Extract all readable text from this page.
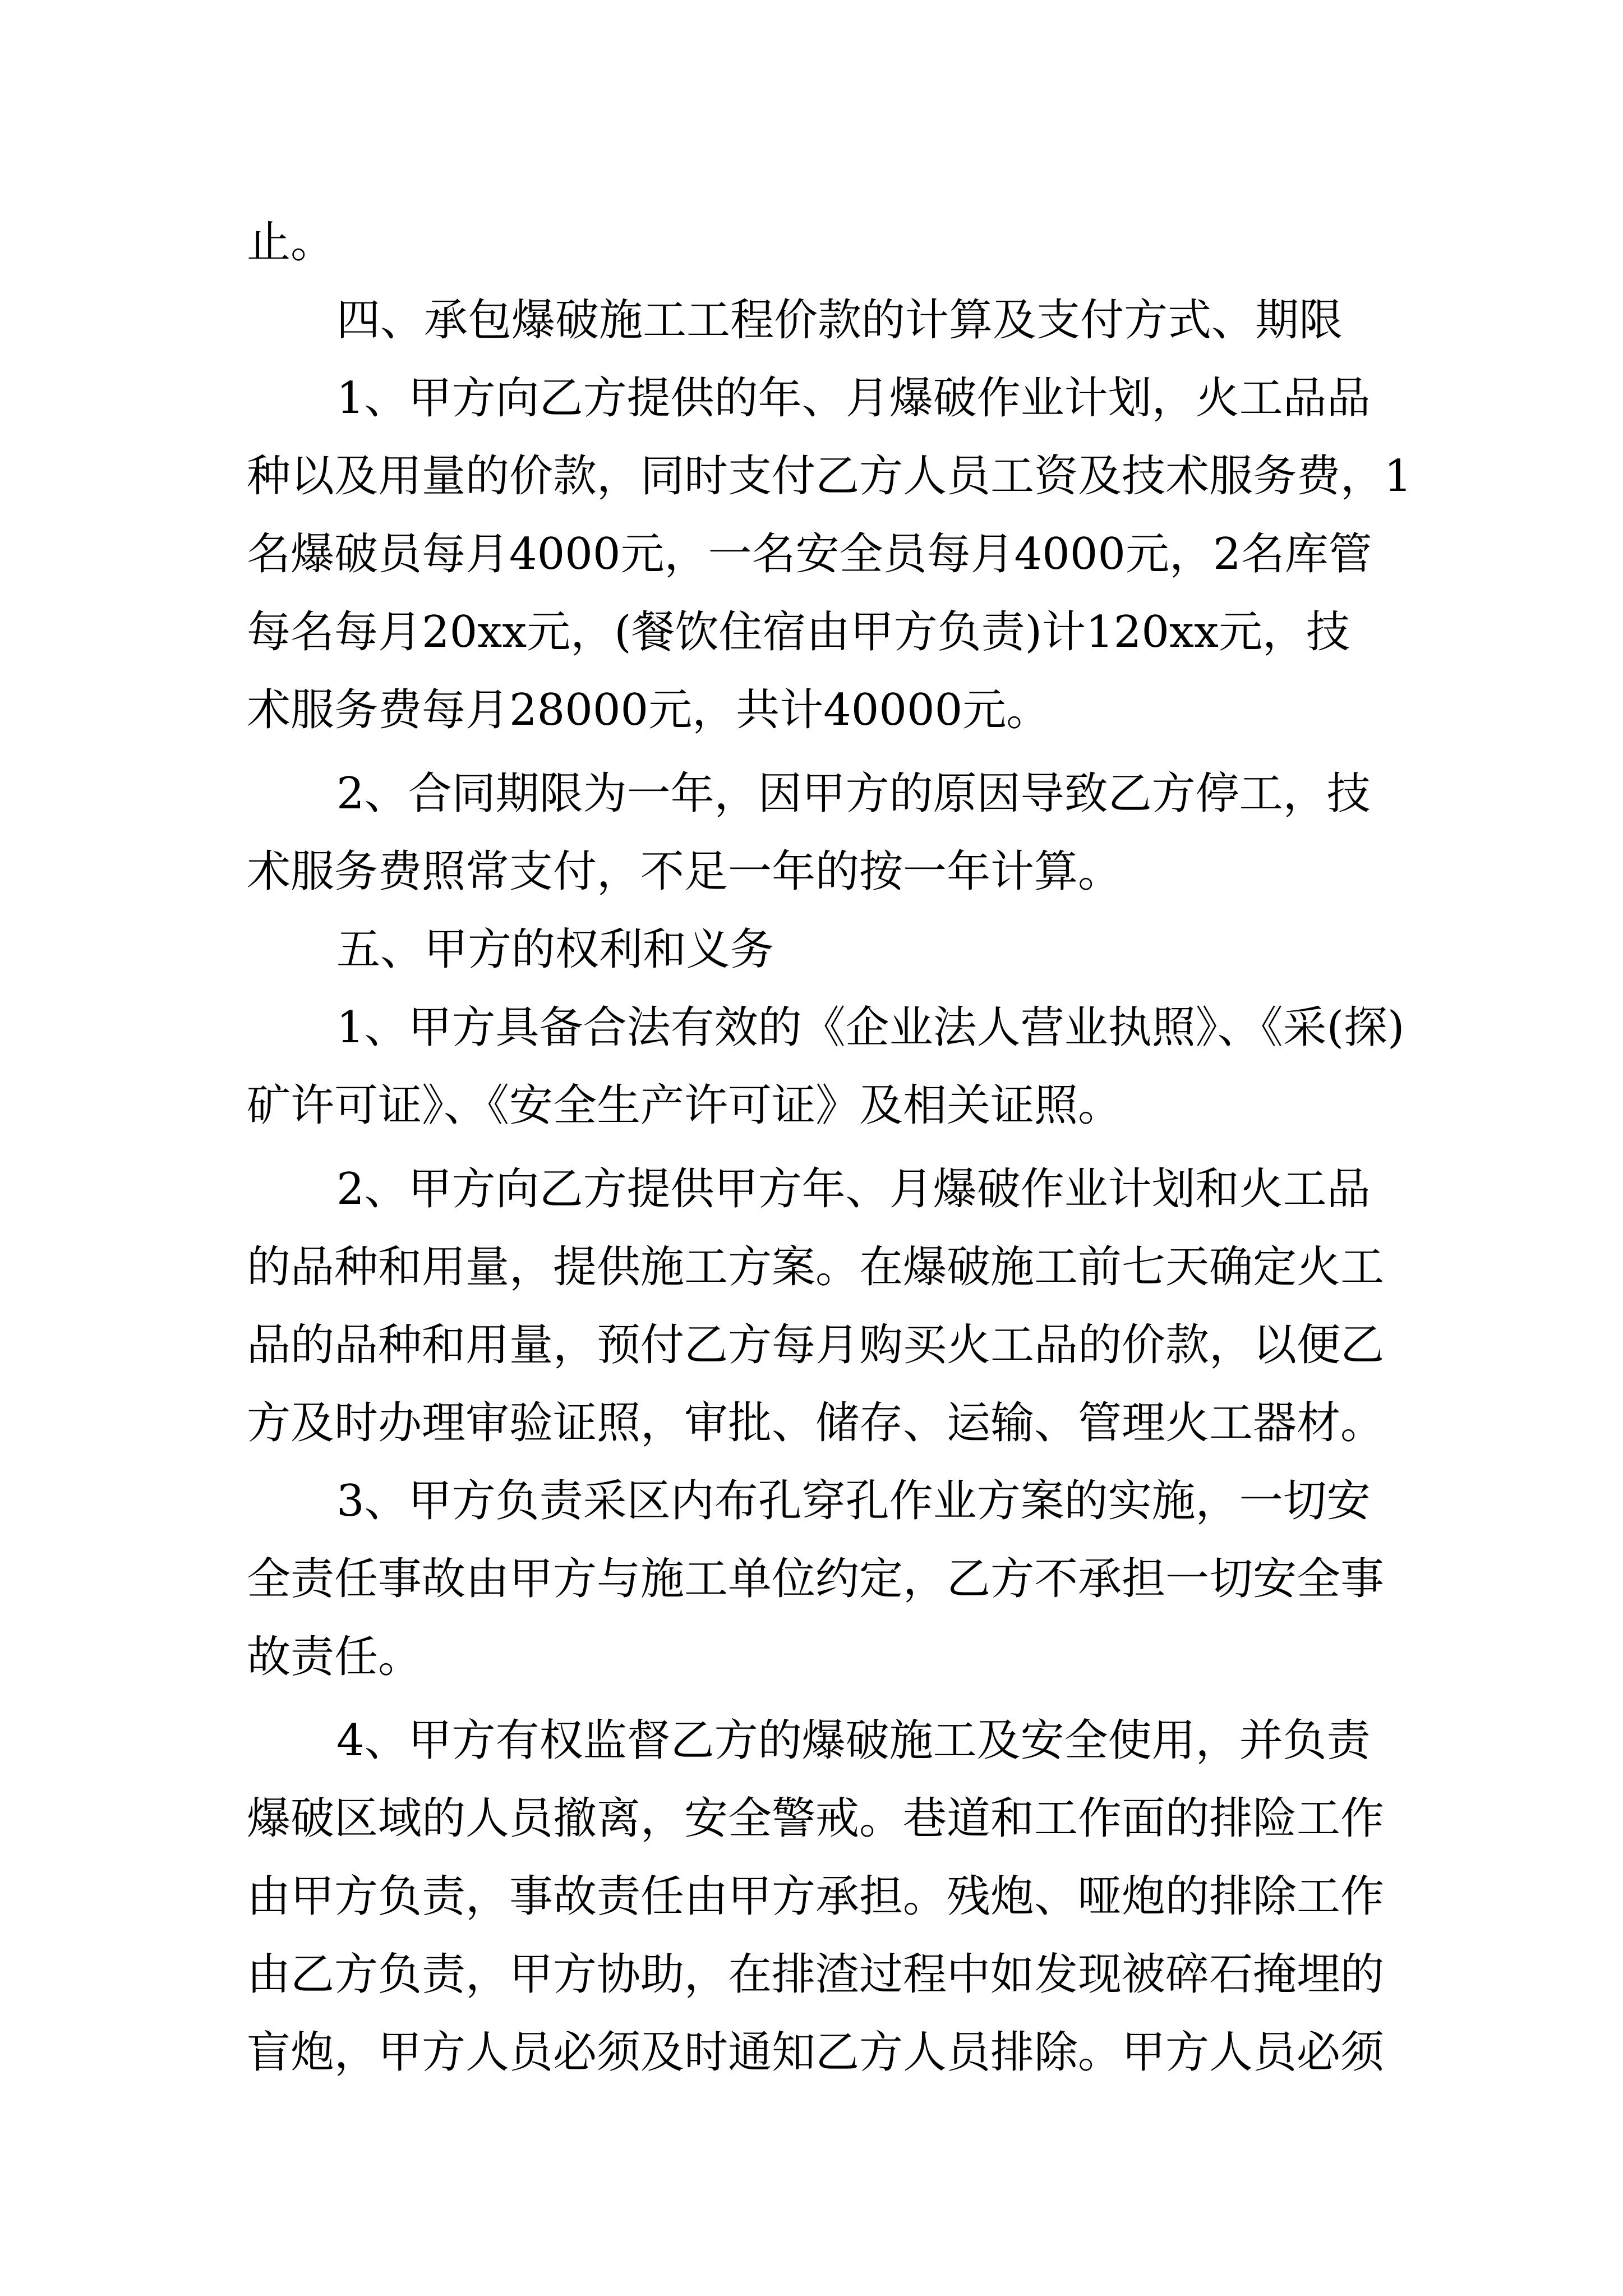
止。
四、承包爆破施工工程价款的计算及支付方式、期限
1、甲方向乙方提供的年、月爆破作业计划，火工品品
种以及用量的价款，同时支付乙方人员工资及技术服务费，1
名爆破员每月4000元，一名安全员每月4000元，2名库管
每名每月20xx元，(餐饮住宿由甲方负责)计120xx元，技
术服务费每月28000元，共计40000元。
2、合同期限为一年，因甲方的原因导致乙方停工，技
术服务费照常支付，不足一年的按一年计算。
五、甲方的权利和义务
1、甲方具备合法有效的《企业法人营业执照》、《采(探)
矿许可证》、《安全生产许可证》及相关证照。
2、甲方向乙方提供甲方年、月爆破作业计划和火工品
的品种和用量，提供施工方案。在爆破施工前七天确定火工
品的品种和用量，预付乙方每月购买火工品的价款，以便乙
方及时办理审验证照，审批、储存、运输、管理火工器材。
3、甲方负责采区内布孔穿孔作业方案的实施，一切安
全责任事故由甲方与施工单位约定，乙方不承担一切安全事
故责任。
4、甲方有权监督乙方的爆破施工及安全使用，并负责
爆破区域的人员撤离，安全警戒。巷道和工作面的排险工作
由甲方负责，事故责任由甲方承担。残炮、哑炮的排除工作
由乙方负责，甲方协助，在排渣过程中如发现被碎石掩埋的
盲炮，甲方人员必须及时通知乙方人员排除。甲方人员必须
